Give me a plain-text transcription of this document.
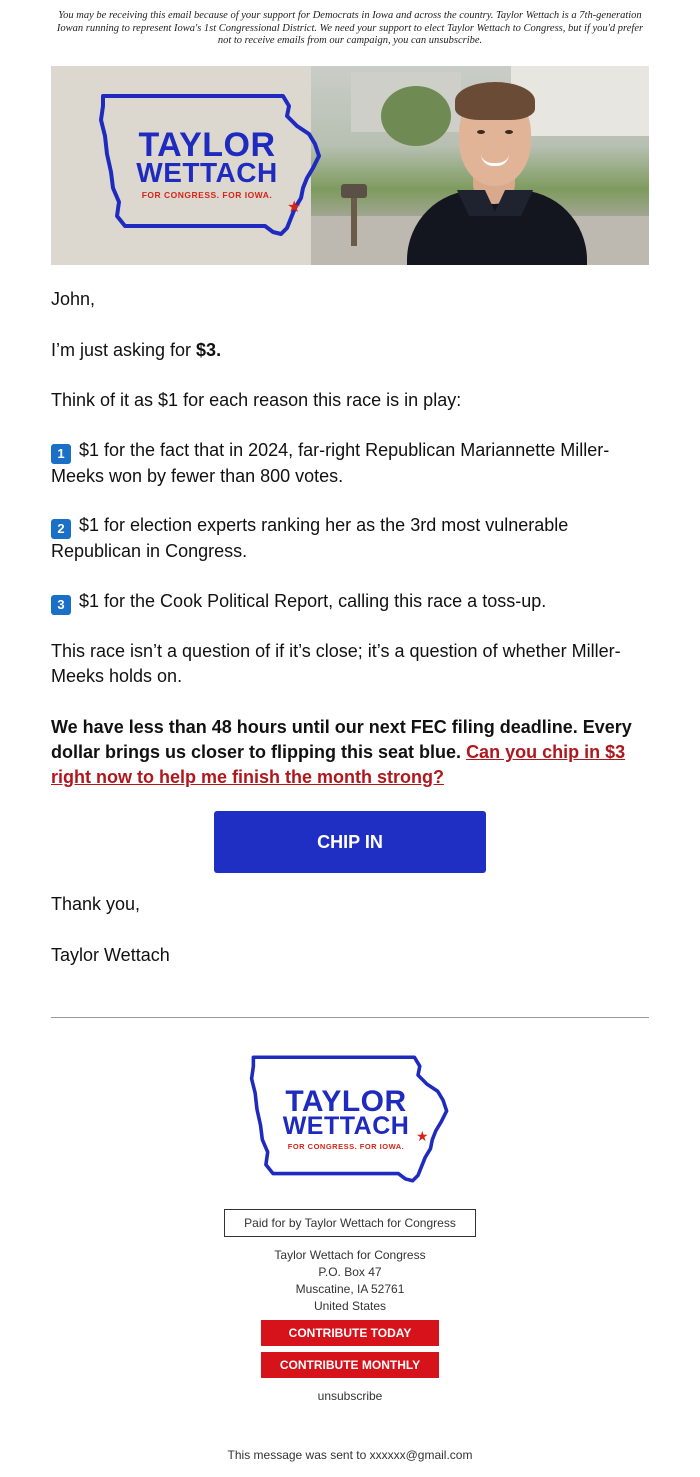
You may be receiving this email because of your support for Democrats in Iowa and across the country. Taylor Wettach is a 7th-generation Iowan running to represent Iowa's 1st Congressional District. We need your support to elect Taylor Wettach to Congress, but if you'd prefer not to receive emails from our campaign, you can unsubscribe.
TAYLOR
WETTACH
FOR CONGRESS. FOR IOWA.
★
John,
I’m just asking for $3.
Think of it as $1 for each reason this race is in play:
1 $1 for the fact that in 2024, far-right Republican Mariannette Miller-Meeks won by fewer than 800 votes.
2 $1 for election experts ranking her as the 3rd most vulnerable Republican in Congress.
3 $1 for the Cook Political Report, calling this race a toss-up.
This race isn’t a question of if it’s close; it’s a question of whether Miller-Meeks holds on.
We have less than 48 hours until our next FEC filing deadline. Every dollar brings us closer to flipping this seat blue. Can you chip in $3 right now to help me finish the month strong?
CHIP IN
Thank you,
Taylor Wettach
TAYLOR
WETTACH
FOR CONGRESS. FOR IOWA.
★
Paid for by Taylor Wettach for Congress
Taylor Wettach for Congress
P.O. Box 47
Muscatine, IA 52761
United States
CONTRIBUTE TODAY
CONTRIBUTE MONTHLY
unsubscribe
This message was sent to xxxxxx@gmail.com
